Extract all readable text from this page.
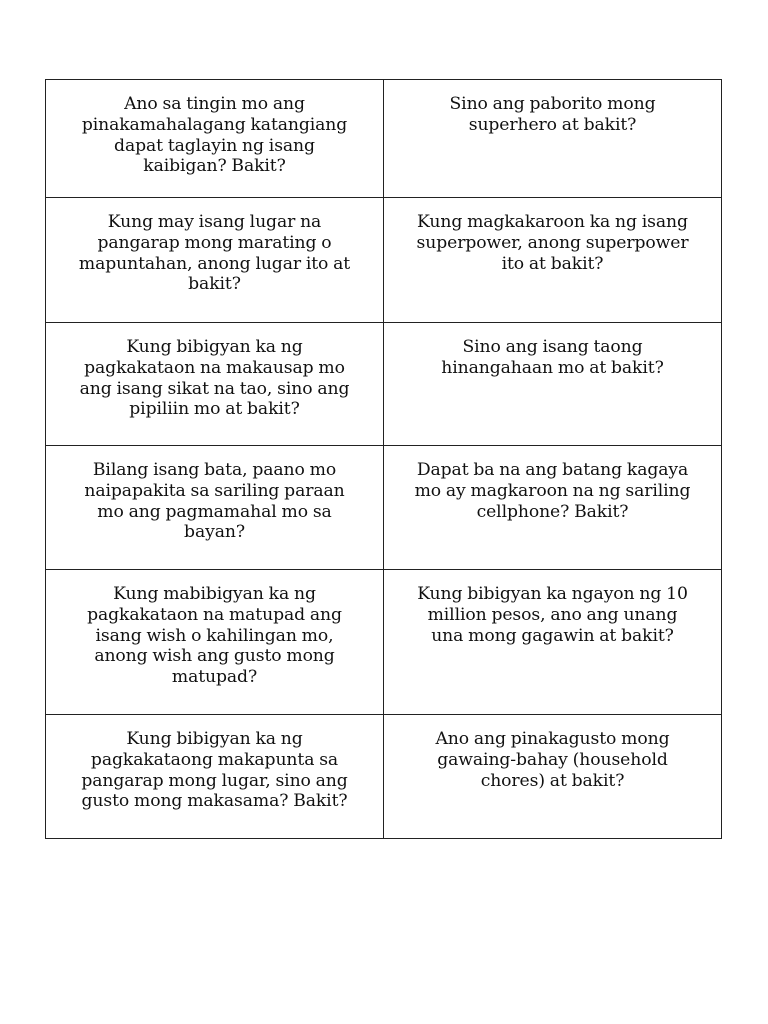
Ano sa tingin mo ang
pinakamahalagang katangiang
dapat taglayin ng isang
kaibigan? Bakit?	Sino ang paborito mong
superhero at bakit?

Kung may isang lugar na
pangarap mong marating o
mapuntahan, anong lugar ito at
bakit?	Kung magkakaroon ka ng isang
superpower, anong superpower
ito at bakit?

Kung bibigyan ka ng
pagkakataon na makausap mo
ang isang sikat na tao, sino ang
pipiliin mo at bakit?	Sino ang isang taong
hinangahaan mo at bakit?

Bilang isang bata, paano mo
naipapakita sa sariling paraan
mo ang pagmamahal mo sa
bayan?	Dapat ba na ang batang kagaya
mo ay magkaroon na ng sariling
cellphone? Bakit?

Kung mabibigyan ka ng
pagkakataon na matupad ang
isang wish o kahilingan mo,
anong wish ang gusto mong
matupad?	Kung bibigyan ka ngayon ng 10
million pesos, ano ang unang
una mong gagawin at bakit?

Kung bibigyan ka ng
pagkakataong makapunta sa
pangarap mong lugar, sino ang
gusto mong makasama? Bakit?	Ano ang pinakagusto mong
gawaing-bahay (household
chores) at bakit?
